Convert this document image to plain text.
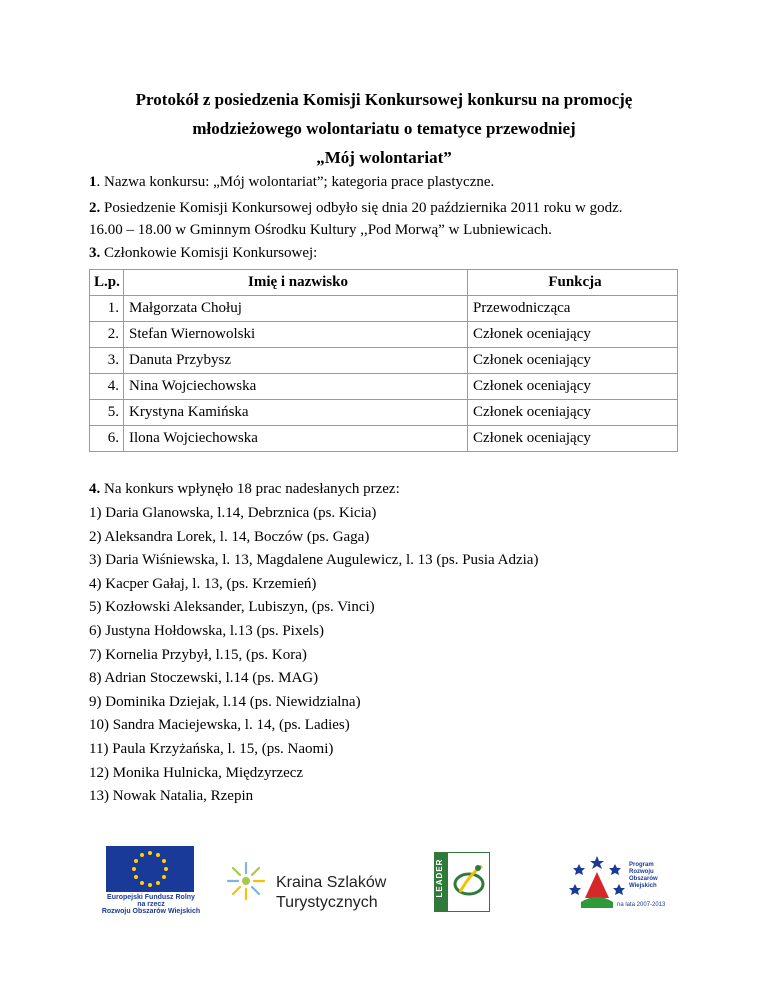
Protokół z posiedzenia Komisji Konkursowej konkursu na promocję
młodzieżowego wolontariatu o tematyce przewodniej
„Mój wolontariat”
1. Nazwa konkursu: „Mój wolontariat”; kategoria prace plastyczne.
2. Posiedzenie Komisji Konkursowej odbyło się dnia 20 października 2011 roku w godz.
16.00 – 18.00 w Gminnym Ośrodku Kultury ,,Pod Morwą” w Lubniewicach.
3. Członkowie Komisji Konkursowej:
L.p.	Imię i nazwisko	Funkcja
1.	Małgorzata Chołuj	Przewodnicząca
2.	Stefan Wiernowolski	Członek oceniający
3.	Danuta Przybysz	Członek oceniający
4.	Nina Wojciechowska	Członek oceniający
5.	Krystyna Kamińska	Członek oceniający
6.	Ilona Wojciechowska	Członek oceniający
4. Na konkurs wpłynęło 18 prac nadesłanych przez:
1) Daria Glanowska, l.14, Debrznica (ps. Kicia)
2) Aleksandra Lorek, l. 14, Boczów (ps. Gaga)
3) Daria Wiśniewska, l. 13, Magdalene Augulewicz, l. 13 (ps. Pusia Adzia)
4) Kacper Gałaj, l. 13, (ps. Krzemień)
5) Kozłowski Aleksander, Lubiszyn, (ps. Vinci)
6) Justyna Hołdowska, l.13 (ps. Pixels)
7) Kornelia Przybył, l.15, (ps. Kora)
8) Adrian Stoczewski, l.14 (ps. MAG)
9) Dominika Dziejak, l.14 (ps. Niewidzialna)
10) Sandra Maciejewska, l. 14, (ps. Ladies)
11) Paula Krzyżańska, l. 15, (ps. Naomi)
12) Monika Hulnicka, Międzyrzecz
13) Nowak Natalia, Rzepin
Europejski Fundusz Rolny
na rzecz
Rozwoju Obszarów Wiejskich
Kraina Szlaków
Turystycznych
LEADER	Program
Rozwoju
Obszarów
Wiejskich
na lata 2007-2013
